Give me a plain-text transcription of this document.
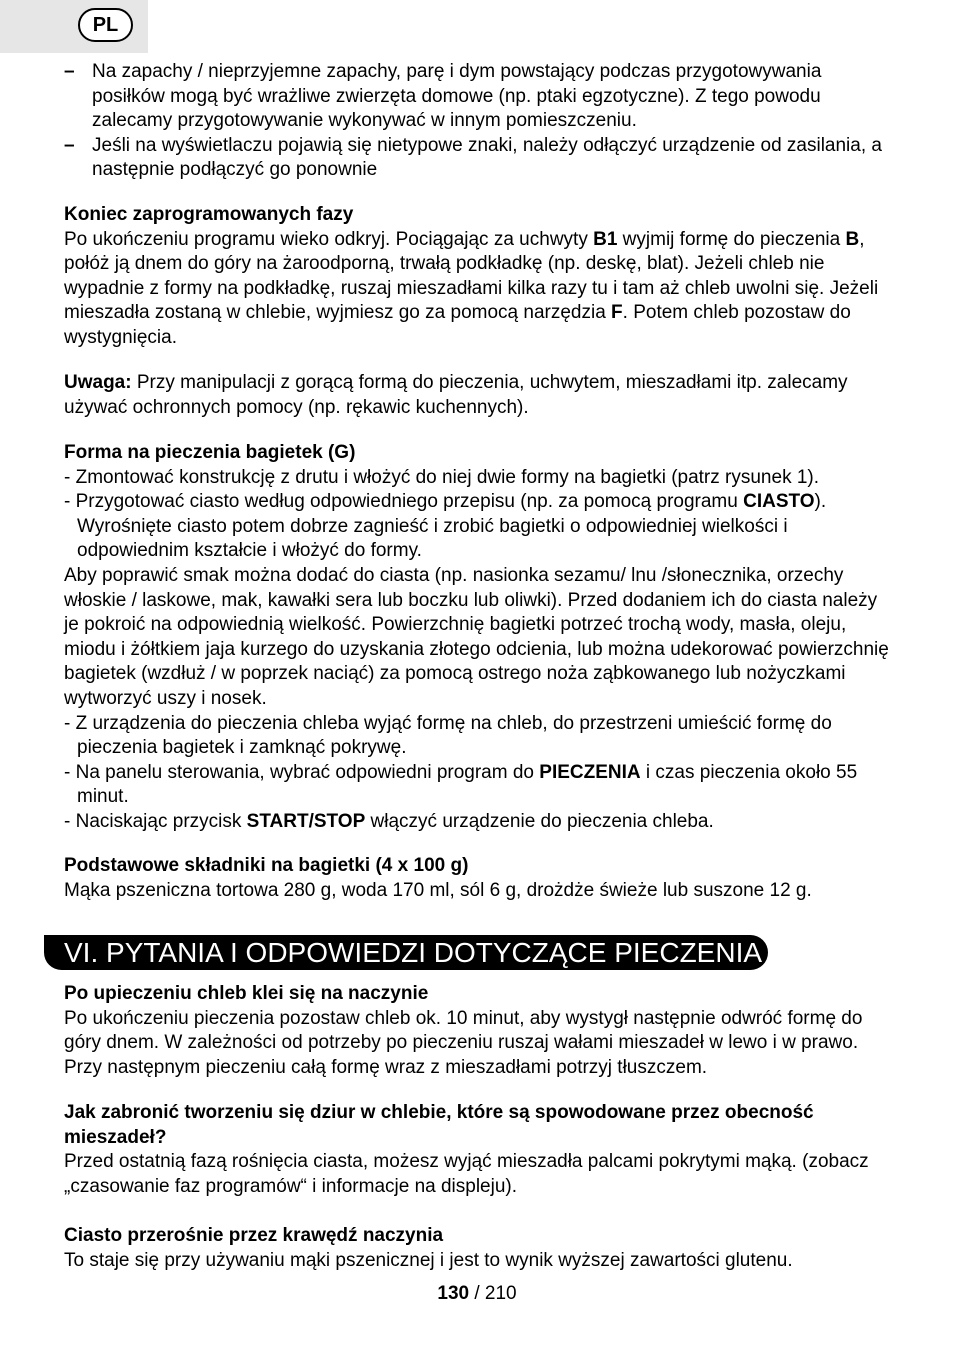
PL
– Na zapachy / nieprzyjemne zapachy, parę i dym powstający podczas przygotowywania posiłków mogą być wrażliwe zwierzęta domowe (np. ptaki egzotyczne). Z tego powodu zalecamy przygotowywanie wykonywać w innym pomieszczeniu.
– Jeśli na wyświetlaczu pojawią się nietypowe znaki, należy odłączyć urządzenie od zasilania, a następnie podłączyć go ponownie

Koniec zaprogramowanych fazy

Po ukończeniu programu wieko odkryj. Pociągając za uchwyty B1 wyjmij formę do pieczenia B, połóż ją dnem do góry na żaroodporną, trwałą podkładkę (np. deskę, blat). Jeżeli chleb nie wypadnie z formy na podkładkę, ruszaj mieszadłami kilka razy tu i tam aż chleb uwolni się. Jeżeli mieszadła zostaną w chlebie, wyjmiesz go za pomocą narzędzia F. Potem chleb pozostaw do wystygnięcia.

Uwaga: Przy manipulacji z gorącą formą do pieczenia, uchwytem, mieszadłami itp. zalecamy używać ochronnych pomocy (np. rękawic kuchennych).

Forma na pieczenia bagietek (G)

- Zmontować konstrukcję z drutu i włożyć do niej dwie formy na bagietki (patrz rysunek 1).

- Przygotować ciasto według odpowiedniego przepisu (np. za pomocą programu CIASTO). Wyrośnięte ciasto potem dobrze zagnieść i zrobić bagietki o odpowiedniej wielkości i odpowiednim kształcie i włożyć do formy.

Aby poprawić smak można dodać do ciasta (np. nasionka sezamu/ lnu /słonecznika, orzechy włoskie / laskowe, mak, kawałki sera lub boczku lub oliwki). Przed dodaniem ich do ciasta należy je pokroić na odpowiednią wielkość. Powierzchnię bagietki potrzeć trochą wody, masła, oleju, miodu i żółtkiem jaja kurzego do uzyskania złotego odcienia, lub można udekorować powierzchnię bagietek (wzdłuż / w poprzek naciąć) za pomocą ostrego noża ząbkowanego lub nożyczkami wytworzyć uszy i nosek.

- Z urządzenia do pieczenia chleba wyjąć formę na chleb, do przestrzeni umieścić formę do pieczenia bagietek i zamknąć pokrywę.

- Na panelu sterowania, wybrać odpowiedni program do PIECZENIA i czas pieczenia około 55 minut.

- Naciskając przycisk START/STOP włączyć urządzenie do pieczenia chleba.

Podstawowe składniki na bagietki (4 x 100 g)

Mąka pszeniczna tortowa 280 g, woda 170 ml, sól 6 g, drożdże świeże lub suszone 12 g.

VI. PYTANIA I ODPOWIEDZI DOTYCZĄCE PIECZENIA

Po upieczeniu chleb klei się na naczynie

Po ukończeniu pieczenia pozostaw chleb ok. 10 minut, aby wystygł następnie odwróć formę do góry dnem. W zależności od potrzeby po pieczeniu ruszaj wałami mieszadeł w lewo i w prawo. Przy następnym pieczeniu całą formę wraz z mieszadłami potrzyj tłuszczem.

Jak zabronić tworzeniu się dziur w chlebie, które są spowodowane przez obecność mieszadeł?

Przed ostatnią fazą rośnięcia ciasta, możesz wyjąć mieszadła palcami pokrytymi mąką. (zobacz „czasowanie faz programów“ i informacje na displeju).

Ciasto przerośnie przez krawędź naczynia

To staje się przy używaniu mąki pszenicznej i jest to wynik wyższej zawartości glutenu.

130 / 210
